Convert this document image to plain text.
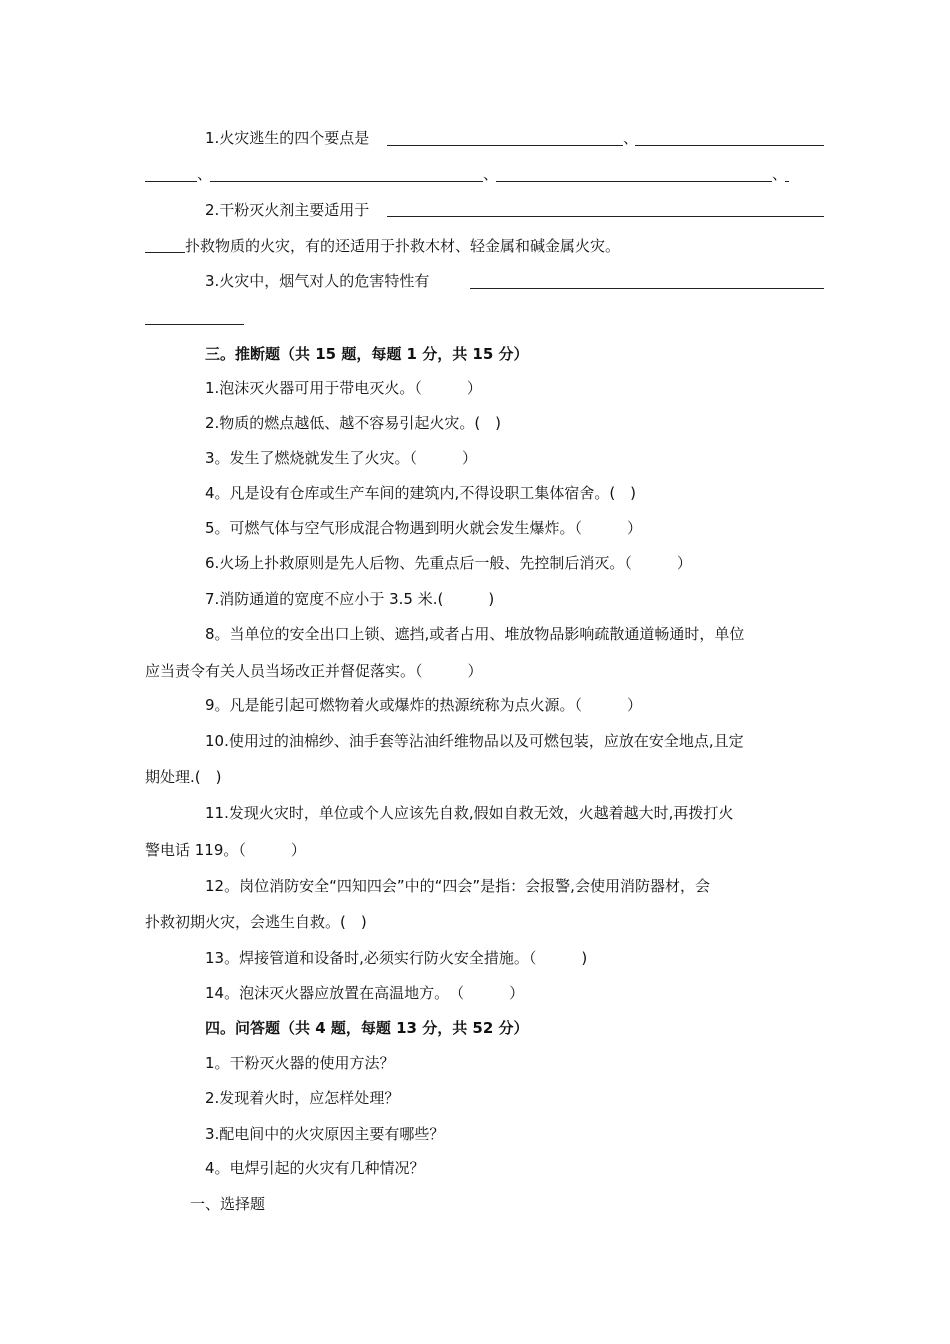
1.火灾逃生的四个要点是	、
、	、	、
2.干粉灭火剂主要适用于
扑救物质的火灾，有的还适用于扑救木材、轻金属和碱金属火灾。
3.火灾中，烟气对人的危害特性有
三。推断题（共 15 题，每题 1 分，共 15 分）
1.泡沫灭火器可用于带电灭火。（　　　）
2.物质的燃点越低、越不容易引起火灾。(　)
3。发生了燃烧就发生了火灾。（　　　）
4。凡是设有仓库或生产车间的建筑内,不得设职工集体宿舍。(　)
5。可燃气体与空气形成混合物遇到明火就会发生爆炸。（　　　）
6.火场上扑救原则是先人后物、先重点后一般、先控制后消灭。（　　　）
7.消防通道的宽度不应小于 3.5 米.(　　　)
8。当单位的安全出口上锁、遮挡,或者占用、堆放物品影响疏散通道畅通时，单位
应当责令有关人员当场改正并督促落实。（　　　）
9。凡是能引起可燃物着火或爆炸的热源统称为点火源。（　　　）
10.使用过的油棉纱、油手套等沾油纤维物品以及可燃包装，应放在安全地点,且定
期处理.(　)
11.发现火灾时，单位或个人应该先自救,假如自救无效，火越着越大时,再拨打火
警电话 119。（　　　）
12。岗位消防安全“四知四会”中的“四会”是指：会报警,会使用消防器材，会
扑救初期火灾，会逃生自救。(　)
13。焊接管道和设备时,必须实行防火安全措施。（　　　)
14。泡沫灭火器应放置在高温地方。　（　　　）
四。问答题（共 4 题，每题 13 分，共 52 分）
1。干粉灭火器的使用方法？
2.发现着火时，应怎样处理？
3.配电间中的火灾原因主要有哪些？
4。电焊引起的火灾有几种情况？
一、选择题
